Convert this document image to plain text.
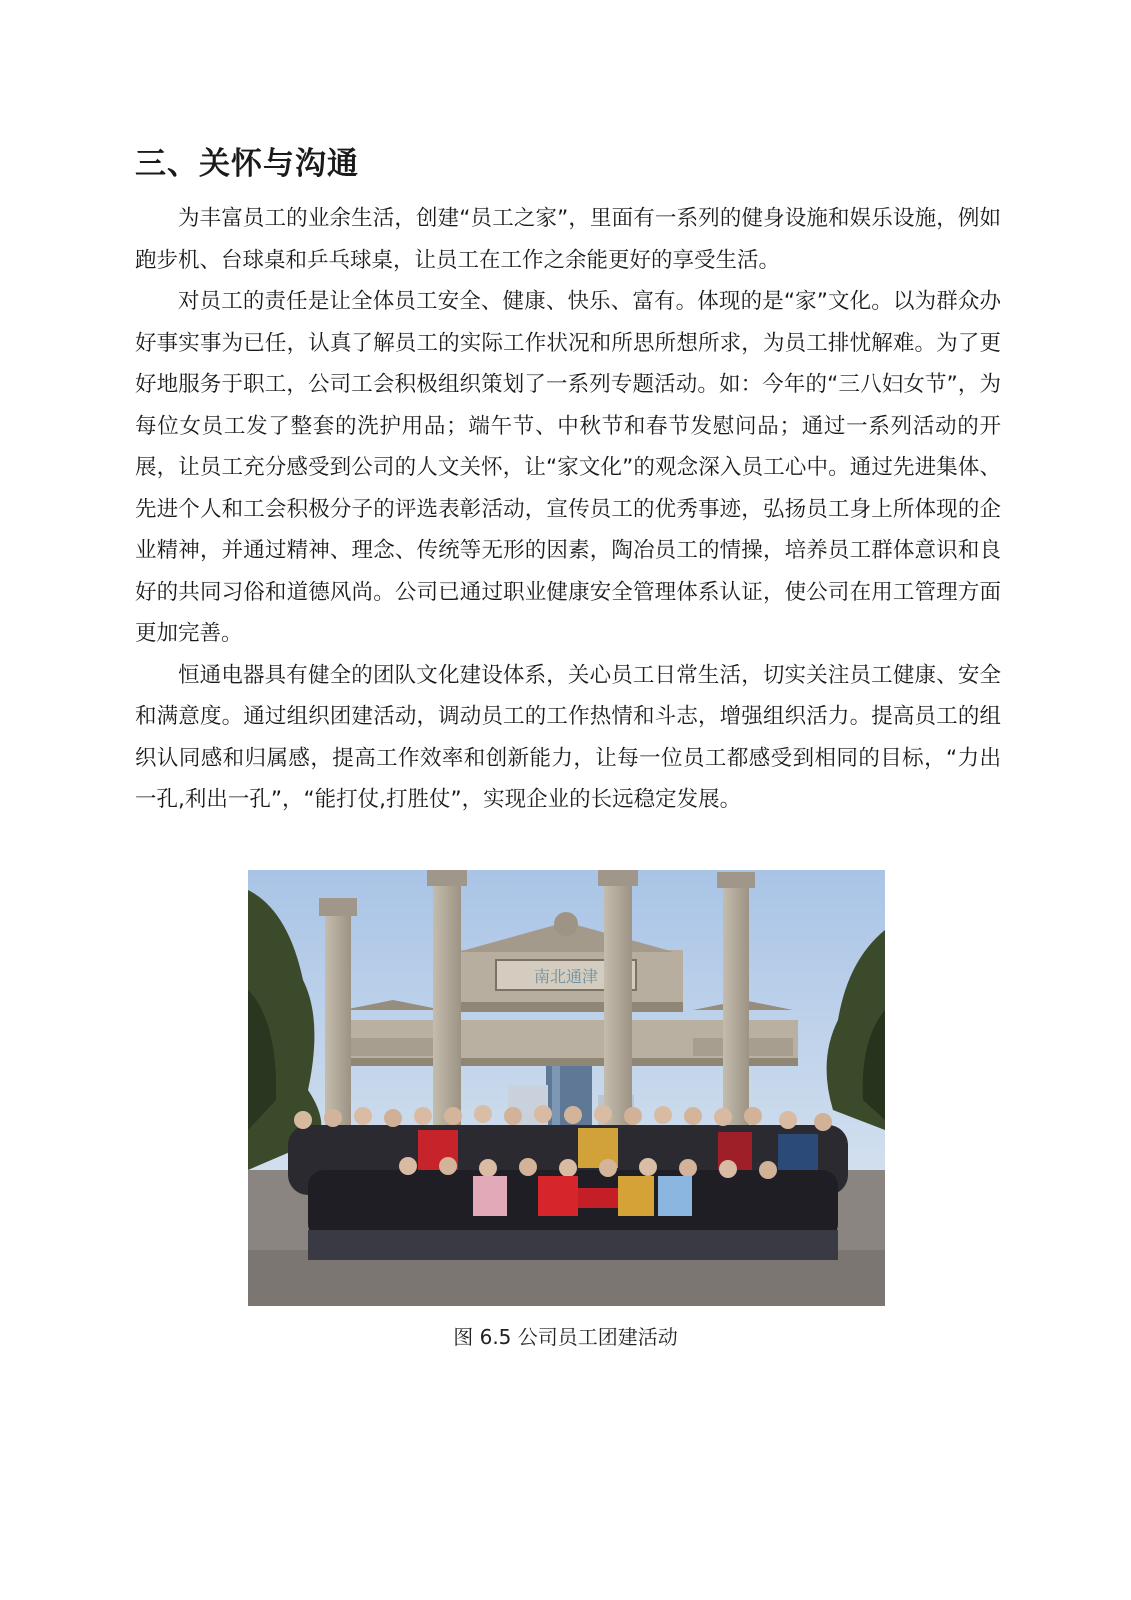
三、关怀与沟通

为丰富员工的业余生活，创建“员工之家”，里面有一系列的健身设施和娱乐设施，例如跑步机、台球桌和乒乓球桌，让员工在工作之余能更好的享受生活。

对员工的责任是让全体员工安全、健康、快乐、富有。体现的是“家”文化。以为群众办好事实事为已任，认真了解员工的实际工作状况和所思所想所求，为员工排忧解难。为了更好地服务于职工，公司工会积极组织策划了一系列专题活动。如：今年的“三八妇女节”，为每位女员工发了整套的洗护用品；端午节、中秋节和春节发慰问品；通过一系列活动的开展，让员工充分感受到公司的人文关怀，让“家文化”的观念深入员工心中。通过先进集体、先进个人和工会积极分子的评选表彰活动，宣传员工的优秀事迹，弘扬员工身上所体现的企业精神，并通过精神、理念、传统等无形的因素，陶冶员工的情操，培养员工群体意识和良好的共同习俗和道德风尚。公司已通过职业健康安全管理体系认证，使公司在用工管理方面更加完善。

恒通电器具有健全的团队文化建设体系，关心员工日常生活，切实关注员工健康、安全和满意度。通过组织团建活动，调动员工的工作热情和斗志，增强组织活力。提高员工的组织认同感和归属感，提高工作效率和创新能力，让每一位员工都感受到相同的目标，“力出一孔,利出一孔”，“能打仗,打胜仗”，实现企业的长远稳定发展。

南北通津
图 6.5 公司员工团建活动
